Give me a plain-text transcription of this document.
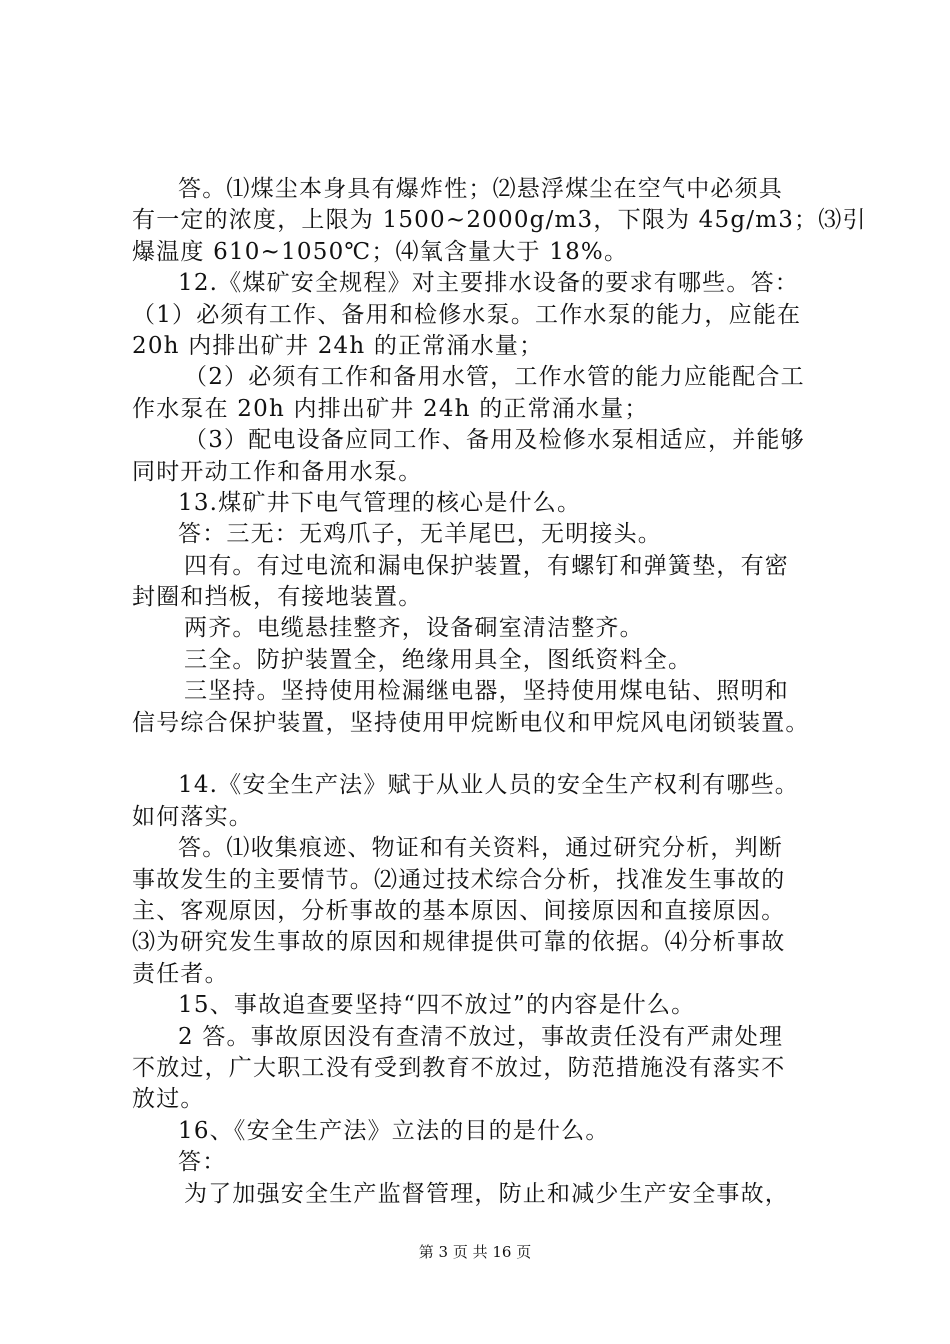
答。⑴煤尘本身具有爆炸性；⑵悬浮煤尘在空气中必须具
有一定的浓度，上限为 1500~2000g/m3，下限为 45g/m3；⑶引
爆温度 610~1050℃；⑷氧含量大于 18%。
12.《煤矿安全规程》对主要排水设备的要求有哪些。答：
（1）必须有工作、备用和检修水泵。工作水泵的能力，应能在
20h 内排出矿井 24h 的正常涌水量；
（2）必须有工作和备用水管，工作水管的能力应能配合工
作水泵在 20h 内排出矿井 24h 的正常涌水量；
（3）配电设备应同工作、备用及检修水泵相适应，并能够
同时开动工作和备用水泵。
13.煤矿井下电气管理的核心是什么。
答：三无：无鸡爪子，无羊尾巴，无明接头。
四有。有过电流和漏电保护装置，有螺钉和弹簧垫，有密
封圈和挡板，有接地装置。
两齐。电缆悬挂整齐，设备硐室清洁整齐。
三全。防护装置全，绝缘用具全，图纸资料全。
三坚持。坚持使用检漏继电器，坚持使用煤电钻、照明和
信号综合保护装置，坚持使用甲烷断电仪和甲烷风电闭锁装置。
14.《安全生产法》赋于从业人员的安全生产权利有哪些。
如何落实。
答。⑴收集痕迹、物证和有关资料，通过研究分析，判断
事故发生的主要情节。⑵通过技术综合分析，找准发生事故的
主、客观原因，分析事故的基本原因、间接原因和直接原因。
⑶为研究发生事故的原因和规律提供可靠的依据。⑷分析事故
责任者。
15、事故追查要坚持“四不放过”的内容是什么。
2 答。事故原因没有查清不放过，事故责任没有严肃处理
不放过，广大职工没有受到教育不放过，防范措施没有落实不
放过。
16、《安全生产法》立法的目的是什么。
答：
为了加强安全生产监督管理，防止和减少生产安全事故，
第 3 页 共 16 页
